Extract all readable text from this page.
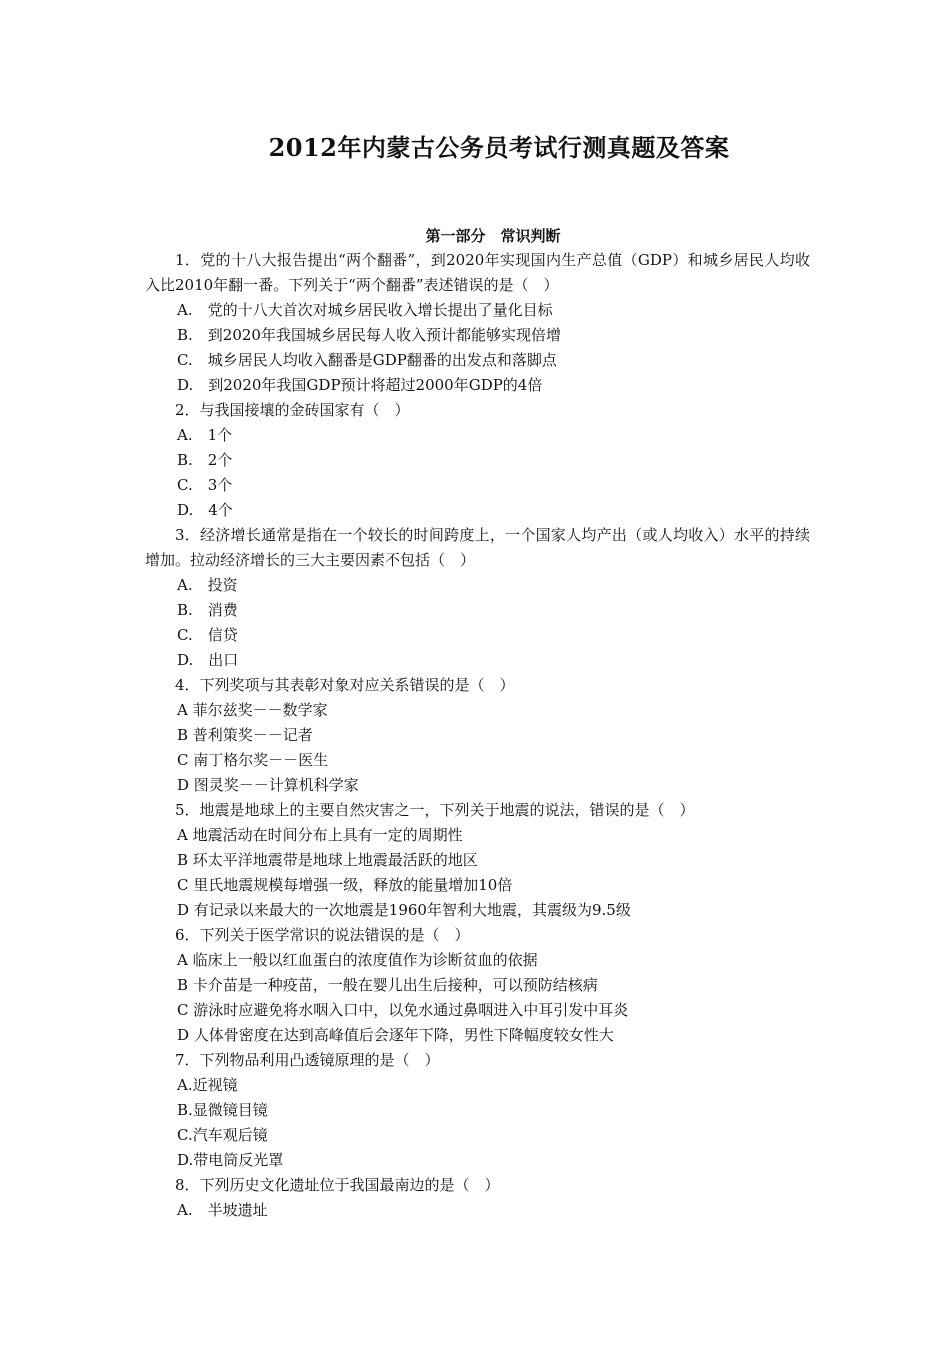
2012年内蒙古公务员考试行测真题及答案
第一部分　常识判断
1．党的十八大报告提出“两个翻番”，到2020年实现国内生产总值（GDP）和城乡居民人均收入比2010年翻一番。下列关于“两个翻番”表述错误的是（　）
A.　党的十八大首次对城乡居民收入增长提出了量化目标
B.　到2020年我国城乡居民每人收入预计都能够实现倍增
C.　城乡居民人均收入翻番是GDP翻番的出发点和落脚点
D.　到2020年我国GDP预计将超过2000年GDP的4倍
2．与我国接壤的金砖国家有（　）
A.　1个
B.　2个
C.　3个
D.　4个
3．经济增长通常是指在一个较长的时间跨度上，一个国家人均产出（或人均收入）水平的持续增加。拉动经济增长的三大主要因素不包括（　）
A.　投资
B.　消费
C.　信贷
D.　出口
4．下列奖项与其表彰对象对应关系错误的是（　）
A 菲尔兹奖－－数学家
B 普利策奖－－记者
C 南丁格尔奖－－医生
D 图灵奖－－计算机科学家
5．地震是地球上的主要自然灾害之一，下列关于地震的说法，错误的是（　）
A 地震活动在时间分布上具有一定的周期性
B 环太平洋地震带是地球上地震最活跃的地区
C 里氏地震规模每增强一级，释放的能量增加10倍
D 有记录以来最大的一次地震是1960年智利大地震，其震级为9.5级
6．下列关于医学常识的说法错误的是（　）
A 临床上一般以红血蛋白的浓度值作为诊断贫血的依据
B 卡介苗是一种疫苗，一般在婴儿出生后接种，可以预防结核病
C 游泳时应避免将水咽入口中，以免水通过鼻咽进入中耳引发中耳炎
D 人体骨密度在达到高峰值后会逐年下降，男性下降幅度较女性大
7．下列物品利用凸透镜原理的是（　）
A.近视镜
B.显微镜目镜
C.汽车观后镜
D.带电筒反光罩
8．下列历史文化遗址位于我国最南边的是（　）
A.　半坡遗址
